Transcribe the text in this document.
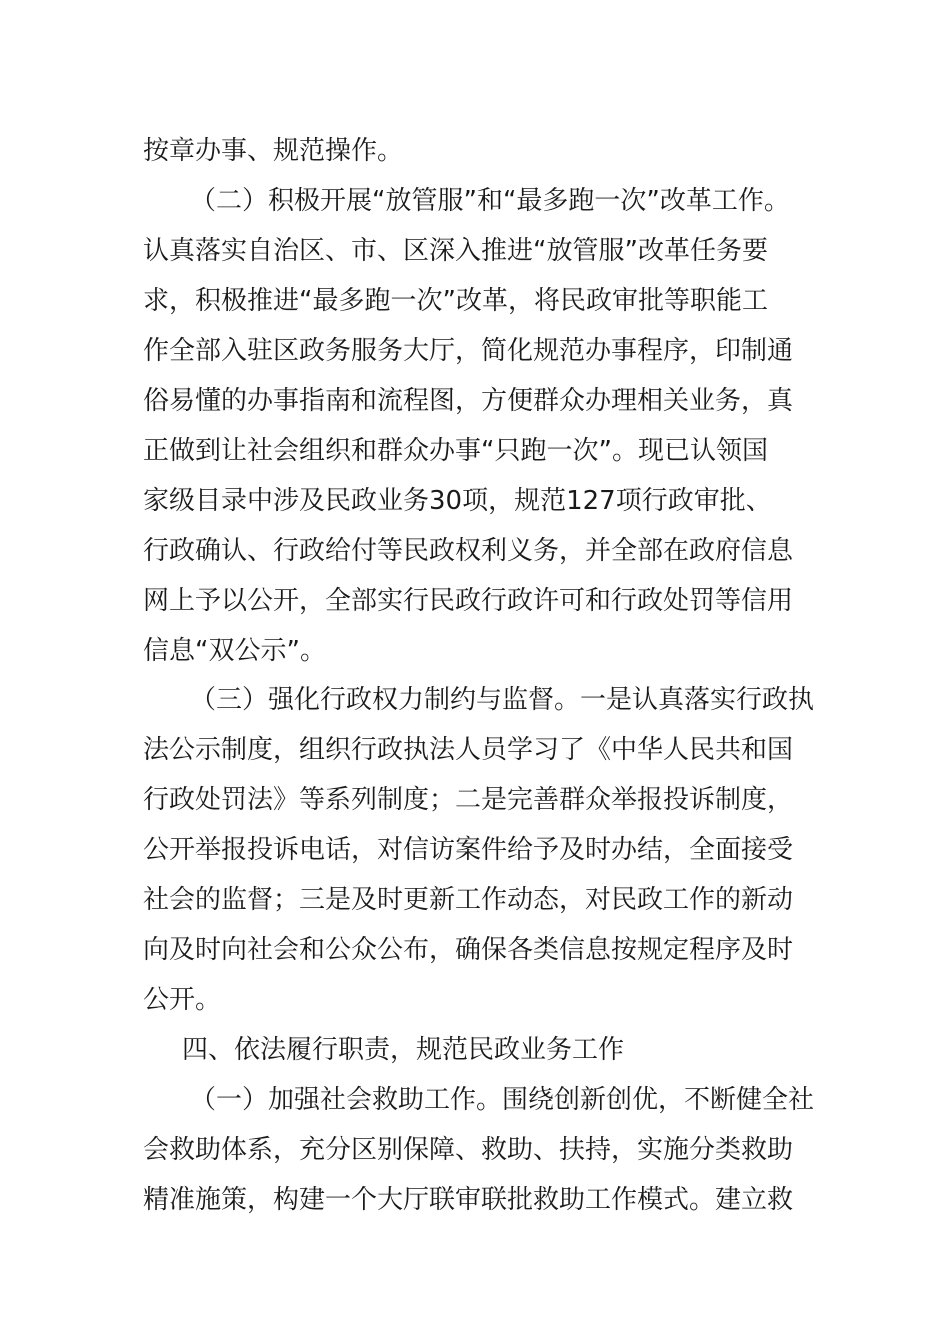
按章办事、规范操作。
（二）积极开展“放管服”和“最多跑一次”改革工作。
认真落实自治区、市、区深入推进“放管服”改革任务要
求，积极推进“最多跑一次”改革，将民政审批等职能工
作全部入驻区政务服务大厅，简化规范办事程序，印制通
俗易懂的办事指南和流程图，方便群众办理相关业务，真
正做到让社会组织和群众办事“只跑一次”。现已认领国
家级目录中涉及民政业务30项，规范127项行政审批、
行政确认、行政给付等民政权利义务，并全部在政府信息
网上予以公开，全部实行民政行政许可和行政处罚等信用
信息“双公示”。
（三）强化行政权力制约与监督。一是认真落实行政执
法公示制度，组织行政执法人员学习了《中华人民共和国
行政处罚法》等系列制度；二是完善群众举报投诉制度，
公开举报投诉电话，对信访案件给予及时办结，全面接受
社会的监督；三是及时更新工作动态，对民政工作的新动
向及时向社会和公众公布，确保各类信息按规定程序及时
公开。
四、依法履行职责，规范民政业务工作
（一）加强社会救助工作。围绕创新创优，不断健全社
会救助体系，充分区别保障、救助、扶持，实施分类救助
精准施策，构建一个大厅联审联批救助工作模式。建立救
